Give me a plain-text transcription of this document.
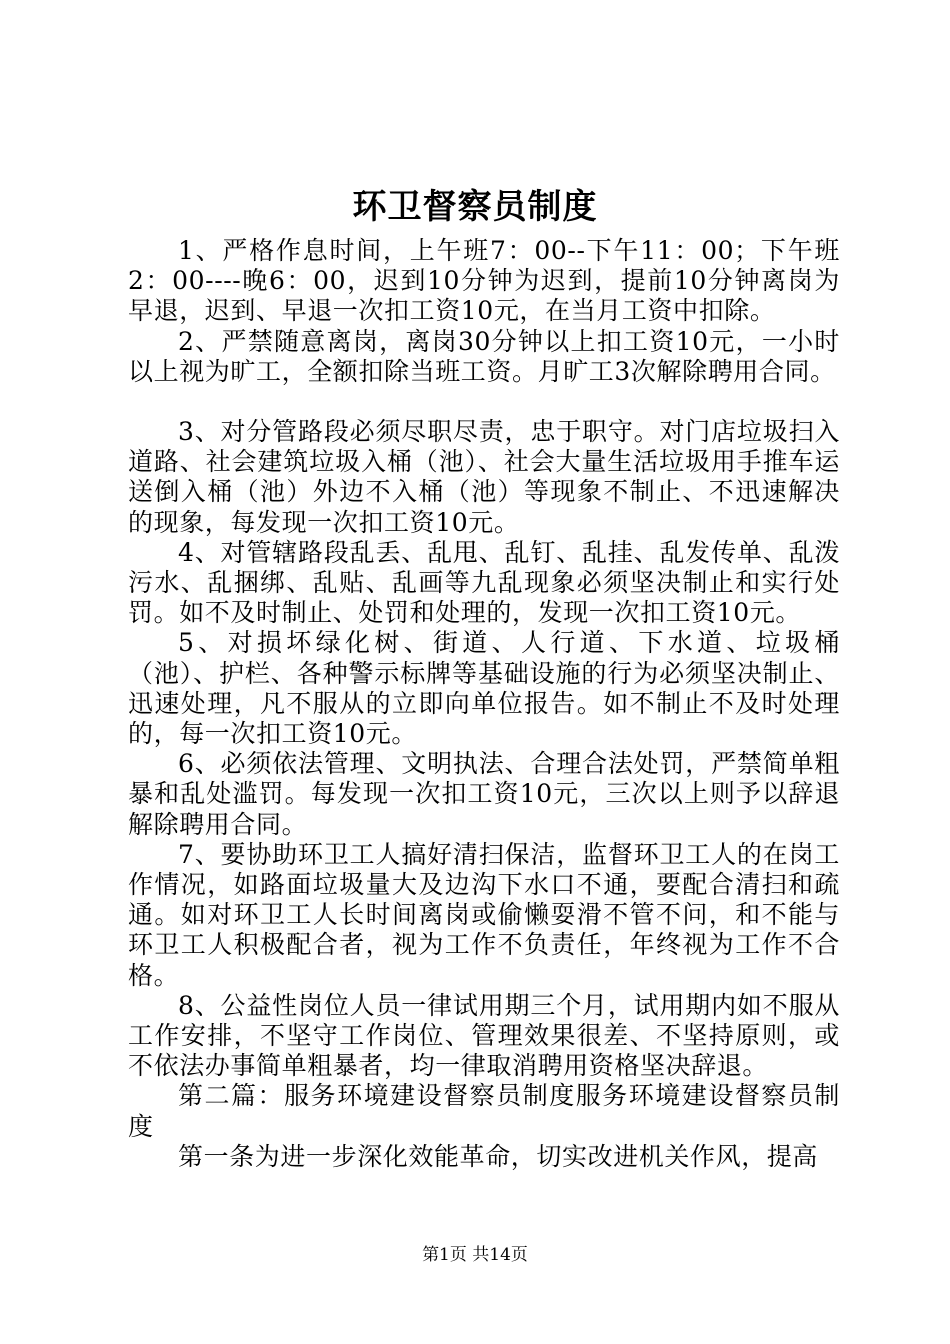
环卫督察员制度

1、严格作息时间，上午班7：00--下午11：00；下午班2：00----晚6：00，迟到10分钟为迟到，提前10分钟离岗为早退，迟到、早退一次扣工资10元，在当月工资中扣除。

2、严禁随意离岗，离岗30分钟以上扣工资10元，一小时以上视为旷工，全额扣除当班工资。月旷工3次解除聘用合同。

3、对分管路段必须尽职尽责，忠于职守。对门店垃圾扫入道路、社会建筑垃圾入桶（池）、社会大量生活垃圾用手推车运送倒入桶（池）外边不入桶（池）等现象不制止、不迅速解决的现象，每发现一次扣工资10元。

4、对管辖路段乱丢、乱甩、乱钉、乱挂、乱发传单、乱泼污水、乱捆绑、乱贴、乱画等九乱现象必须坚决制止和实行处罚。如不及时制止、处罚和处理的，发现一次扣工资10元。

5、对损坏绿化树、街道、人行道、下水道、垃圾桶（池）、护栏、各种警示标牌等基础设施的行为必须坚决制止、迅速处理，凡不服从的立即向单位报告。如不制止不及时处理的，每一次扣工资10元。

6、必须依法管理、文明执法、合理合法处罚，严禁简单粗暴和乱处滥罚。每发现一次扣工资10元，三次以上则予以辞退解除聘用合同。

7、要协助环卫工人搞好清扫保洁，监督环卫工人的在岗工作情况，如路面垃圾量大及边沟下水口不通，要配合清扫和疏通。如对环卫工人长时间离岗或偷懒耍滑不管不问，和不能与环卫工人积极配合者，视为工作不负责任，年终视为工作不合格。

8、公益性岗位人员一律试用期三个月，试用期内如不服从工作安排，不坚守工作岗位、管理效果很差、不坚持原则，或不依法办事简单粗暴者，均一律取消聘用资格坚决辞退。

第二篇：服务环境建设督察员制度服务环境建设督察员制度

第一条为进一步深化效能革命，切实改进机关作风，提高

第1页 共14页
